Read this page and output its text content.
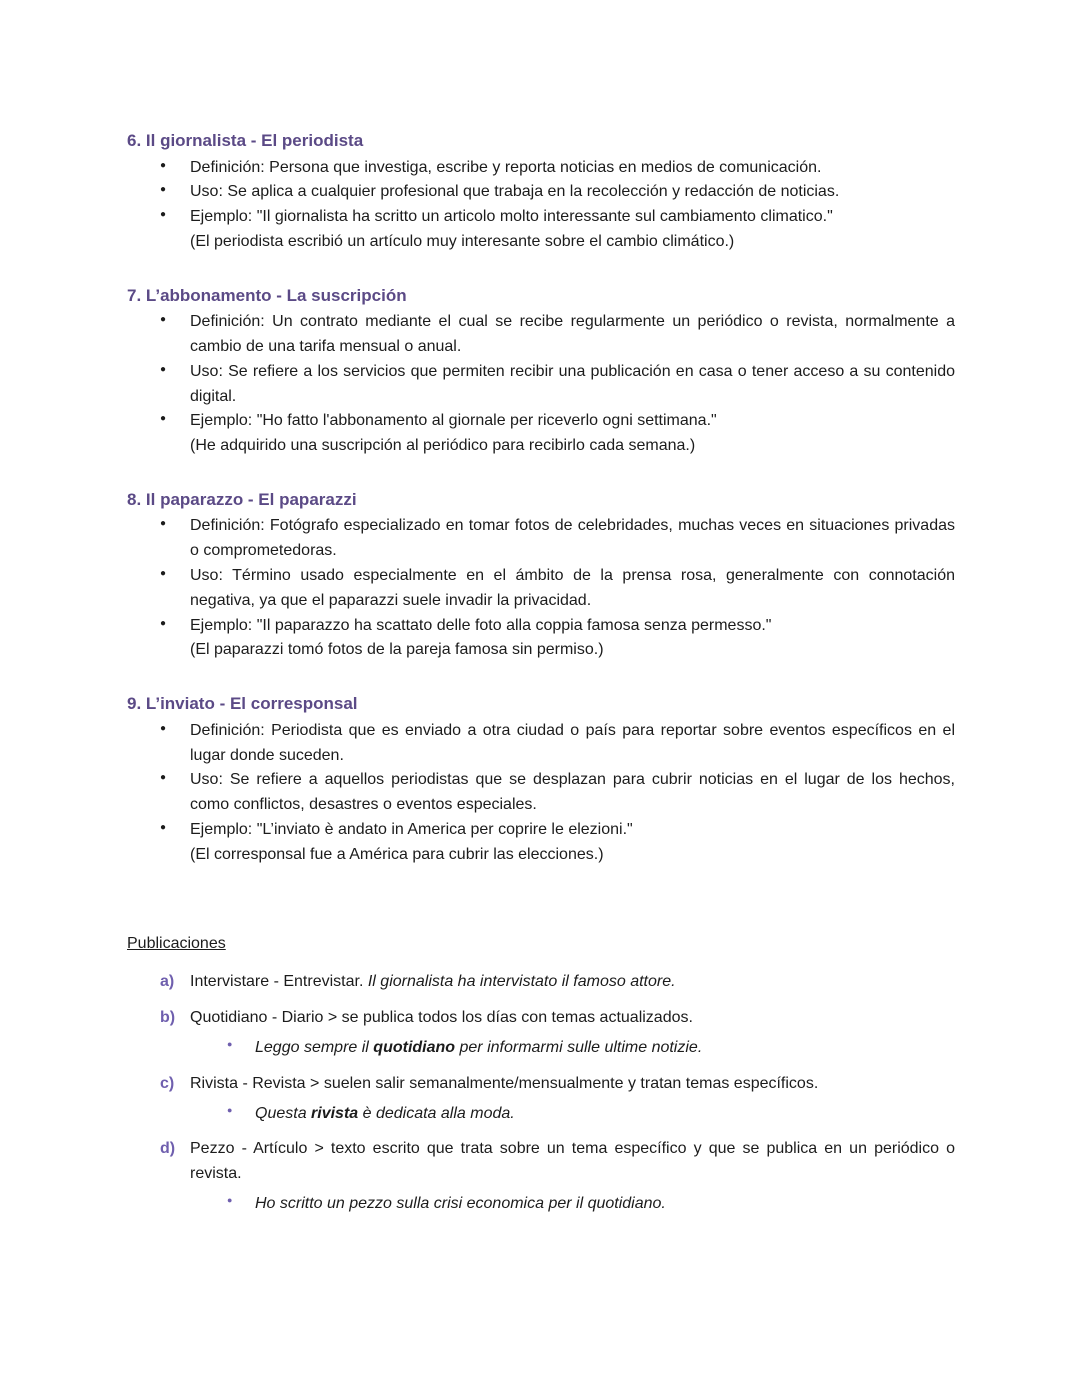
6. Il giornalista - El periodista
● Definición: Persona que investiga, escribe y reporta noticias en medios de comunicación.
● Uso: Se aplica a cualquier profesional que trabaja en la recolección y redacción de noticias.
● Ejemplo: "Il giornalista ha scritto un articolo molto interessante sul cambiamento climatico."
(El periodista escribió un artículo muy interesante sobre el cambio climático.)
7. L’abbonamento - La suscripción
● Definición: Un contrato mediante el cual se recibe regularmente un periódico o revista, normalmente a cambio de una tarifa mensual o anual.
● Uso: Se refiere a los servicios que permiten recibir una publicación en casa o tener acceso a su contenido digital.
● Ejemplo: "Ho fatto l'abbonamento al giornale per riceverlo ogni settimana."
(He adquirido una suscripción al periódico para recibirlo cada semana.)
8. Il paparazzo - El paparazzi
● Definición: Fotógrafo especializado en tomar fotos de celebridades, muchas veces en situaciones privadas o comprometedoras.
● Uso: Término usado especialmente en el ámbito de la prensa rosa, generalmente con connotación negativa, ya que el paparazzi suele invadir la privacidad.
● Ejemplo: "Il paparazzo ha scattato delle foto alla coppia famosa senza permesso."
(El paparazzi tomó fotos de la pareja famosa sin permiso.)
9. L’inviato - El corresponsal
● Definición: Periodista que es enviado a otra ciudad o país para reportar sobre eventos específicos en el lugar donde suceden.
● Uso: Se refiere a aquellos periodistas que se desplazan para cubrir noticias en el lugar de los hechos, como conflictos, desastres o eventos especiales.
● Ejemplo: "L’inviato è andato in America per coprire le elezioni."
(El corresponsal fue a América para cubrir las elecciones.)
Publicaciones
a) Intervistare - Entrevistar. Il giornalista ha intervistato il famoso attore.
b) Quotidiano - Diario > se publica todos los días con temas actualizados.
● Leggo sempre il quotidiano per informarmi sulle ultime notizie.
c) Rivista - Revista > suelen salir semanalmente/mensualmente y tratan temas específicos.
● Questa rivista è dedicata alla moda.
d) Pezzo - Artículo > texto escrito que trata sobre un tema específico y que se publica en un periódico o revista.
● Ho scritto un pezzo sulla crisi economica per il quotidiano.
